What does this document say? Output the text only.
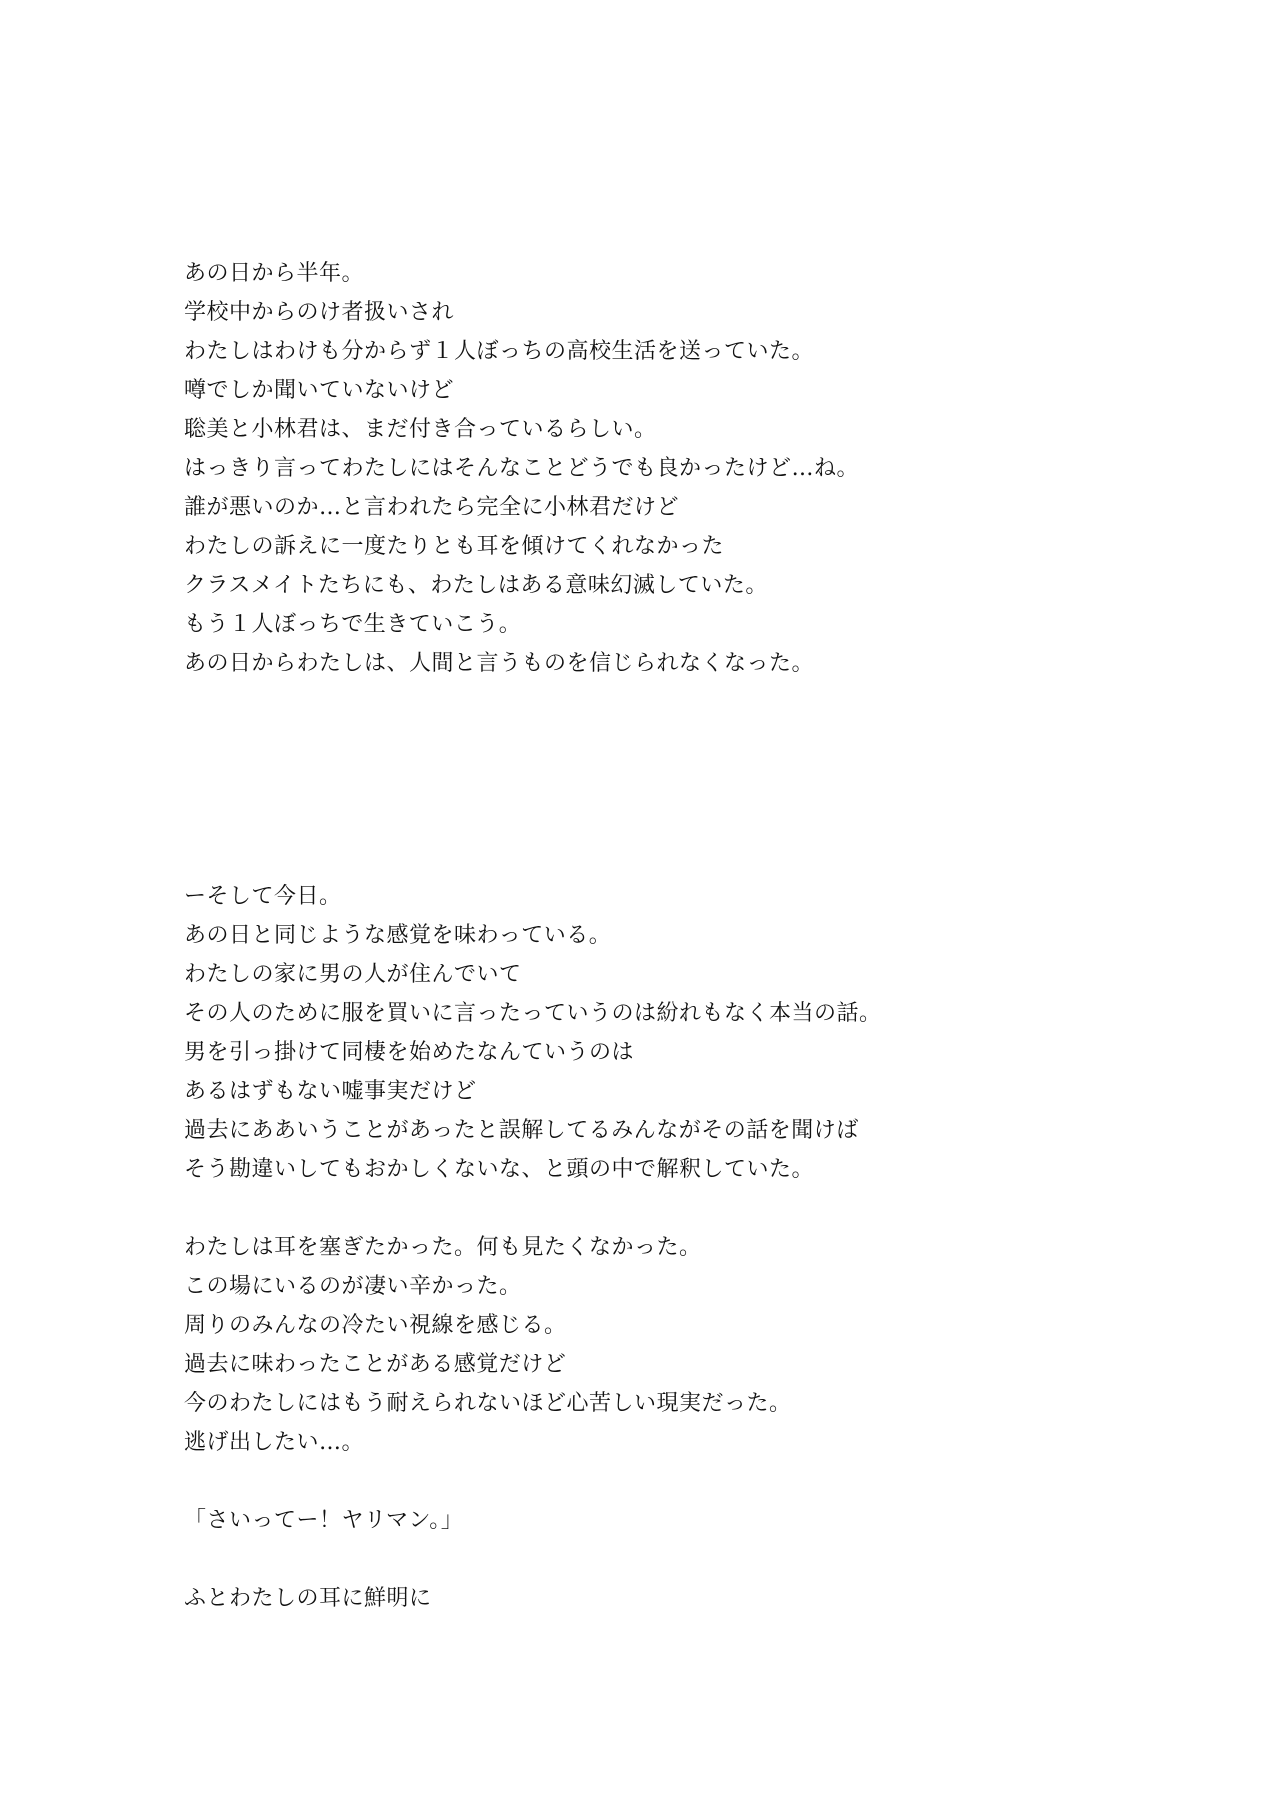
あの日から半年。
学校中からのけ者扱いされ
わたしはわけも分からず１人ぼっちの高校生活を送っていた。
噂でしか聞いていないけど
聡美と小林君は、まだ付き合っているらしい。
はっきり言ってわたしにはそんなことどうでも良かったけど…ね。
誰が悪いのか…と言われたら完全に小林君だけど
わたしの訴えに一度たりとも耳を傾けてくれなかった
クラスメイトたちにも、わたしはある意味幻滅していた。
もう１人ぼっちで生きていこう。
あの日からわたしは、人間と言うものを信じられなくなった。
ーそして今日。
あの日と同じような感覚を味わっている。
わたしの家に男の人が住んでいて
その人のために服を買いに言ったっていうのは紛れもなく本当の話。
男を引っ掛けて同棲を始めたなんていうのは
あるはずもない嘘事実だけど
過去にああいうことがあったと誤解してるみんながその話を聞けば
そう勘違いしてもおかしくないな、と頭の中で解釈していた。
わたしは耳を塞ぎたかった。何も見たくなかった。
この場にいるのが凄い辛かった。
周りのみんなの冷たい視線を感じる。
過去に味わったことがある感覚だけど
今のわたしにはもう耐えられないほど心苦しい現実だった。
逃げ出したい…。
「さいってー！ヤリマン。」
ふとわたしの耳に鮮明に
